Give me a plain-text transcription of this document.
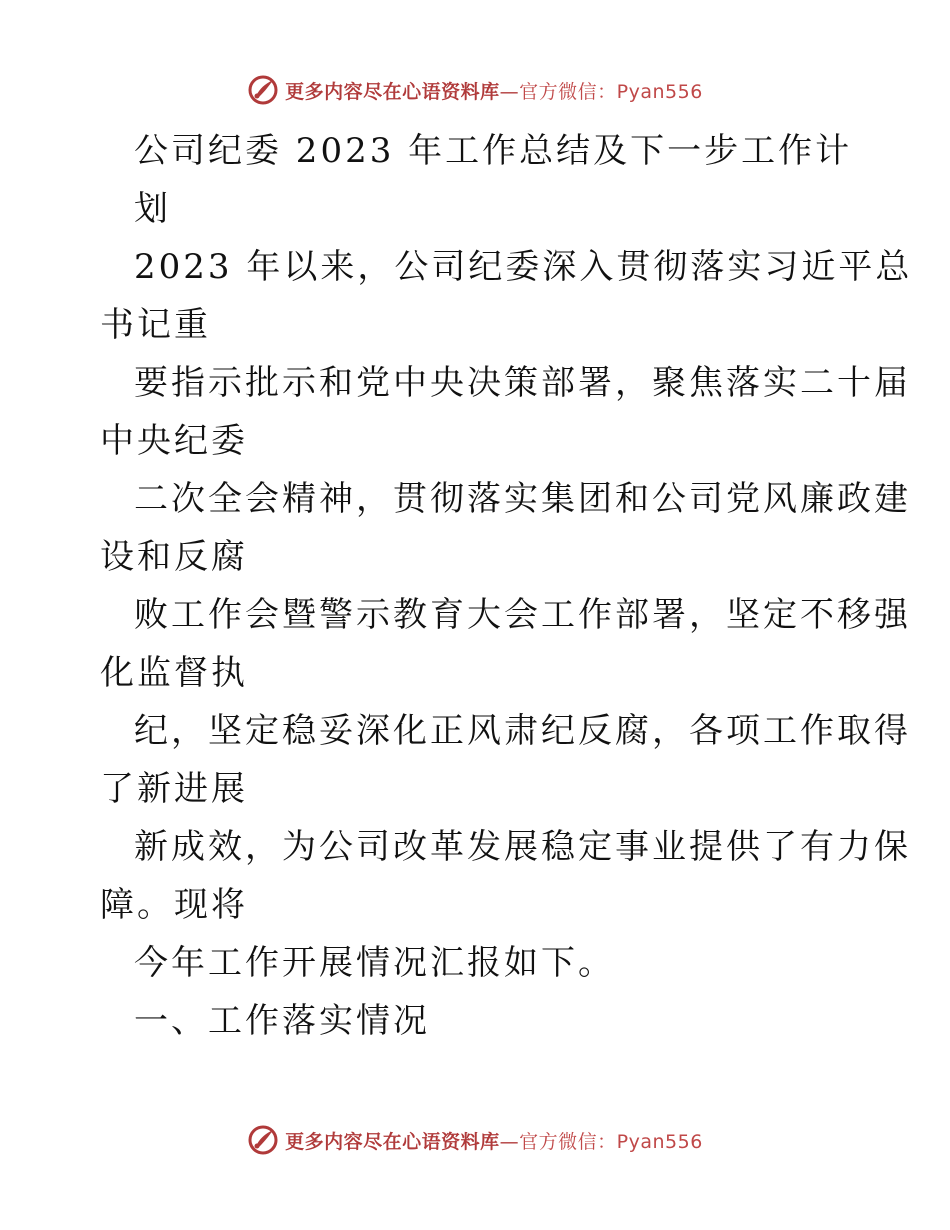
更多内容尽在心语资料库—官方微信：Pyan556
公司纪委 2023 年工作总结及下一步工作计
划
2023 年以来，公司纪委深入贯彻落实习近平总
书记重
要指示批示和党中央决策部署，聚焦落实二十届
中央纪委
二次全会精神，贯彻落实集团和公司党风廉政建
设和反腐
败工作会暨警示教育大会工作部署，坚定不移强
化监督执
纪，坚定稳妥深化正风肃纪反腐，各项工作取得
了新进展
新成效，为公司改革发展稳定事业提供了有力保
障。现将
今年工作开展情况汇报如下。
一、工作落实情况
更多内容尽在心语资料库—官方微信：Pyan556
